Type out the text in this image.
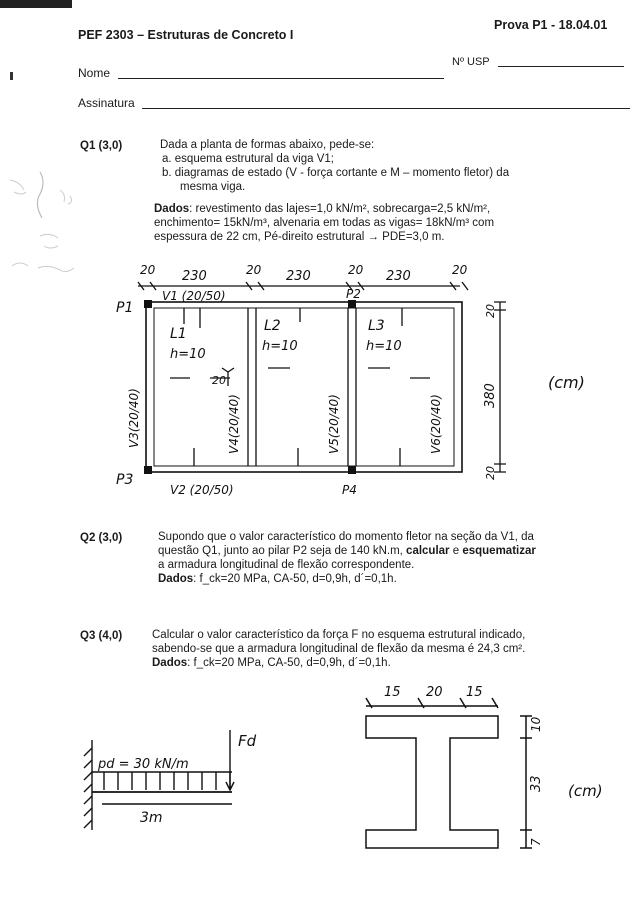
PEF 2303 – Estruturas de Concreto I
Prova P1 - 18.04.01
Nome
Nº USP
Assinatura
Q1 (3,0)	Dada a planta de formas abaixo, pede-se:
a. esquema estrutural da viga V1;
b. diagramas de estado (V - força cortante e M – momento fletor) da
mesma viga.
Dados: revestimento das lajes=1,0 kN/m², sobrecarga=2,5 kN/m²,
enchimento= 15kN/m³, alvenaria em todas as vigas= 18kN/m³ com
espessura de 22 cm, Pé-direito estrutural → PDE=3,0 m.
20 230	20 230	20 230	20
P1
P2
P3
P4
V1 (20/50)
V2 (20/50)
L1
h=10
L2
h=10
L3
h=10
20
V3(20/40)	V4(20/40)	V5(20/40)	V6(20/40)
20
380
20
(cm)
Q2 (3,0)	Supondo que o valor característico do momento fletor na seção da V1, da
questão Q1, junto ao pilar P2 seja de 140 kN.m, calcular e esquematizar
a armadura longitudinal de flexão correspondente.
Dados: f_ck=20 MPa, CA-50, d=0,9h, d´=0,1h.
Q3 (4,0)	Calcular o valor característico da força F no esquema estrutural indicado,
sabendo-se que a armadura longitudinal de flexão da mesma é 24,3 cm².
Dados: f_ck=20 MPa, CA-50, d=0,9h, d´=0,1h.
pd = 30 kN/m
Fd
3m
15 20 15
10
33
7
(cm)
